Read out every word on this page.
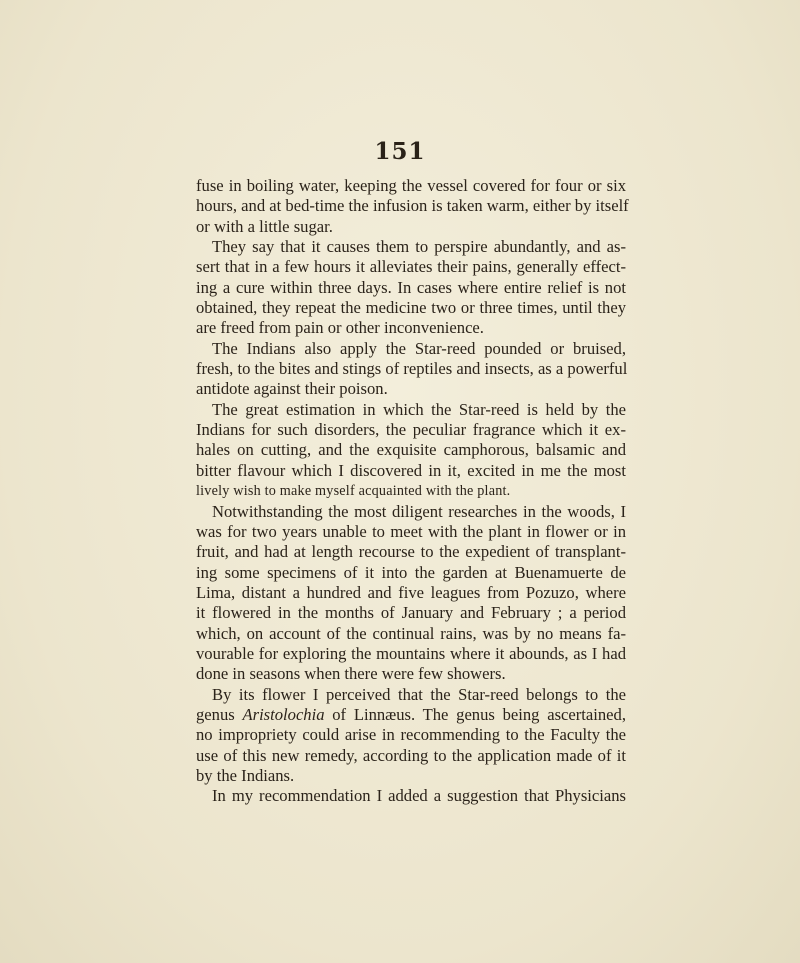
151
fuse in boiling water, keeping the vessel covered for four or six
hours, and at bed-time the infusion is taken warm, either by itself
or with a little sugar.
They say that it causes them to perspire abundantly, and as-
sert that in a few hours it alleviates their pains, generally effect-
ing a cure within three days. In cases where entire relief is not
obtained, they repeat the medicine two or three times, until they
are freed from pain or other inconvenience.
The Indians also apply the Star-reed pounded or bruised,
fresh, to the bites and stings of reptiles and insects, as a powerful
antidote against their poison.
The great estimation in which the Star-reed is held by the
Indians for such disorders, the peculiar fragrance which it ex-
hales on cutting, and the exquisite camphorous, balsamic and
bitter flavour which I discovered in it, excited in me the most
lively wish to make myself acquainted with the plant.
Notwithstanding the most diligent researches in the woods, I
was for two years unable to meet with the plant in flower or in
fruit, and had at length recourse to the expedient of transplant-
ing some specimens of it into the garden at Buenamuerte de
Lima, distant a hundred and five leagues from Pozuzo, where
it flowered in the months of January and February ; a period
which, on account of the continual rains, was by no means fa-
vourable for exploring the mountains where it abounds, as I had
done in seasons when there were few showers.
By its flower I perceived that the Star-reed belongs to the
genus Aristolochia of Linnæus. The genus being ascertained,
no impropriety could arise in recommending to the Faculty the
use of this new remedy, according to the application made of it
by the Indians.
In my recommendation I added a suggestion that Physicians
